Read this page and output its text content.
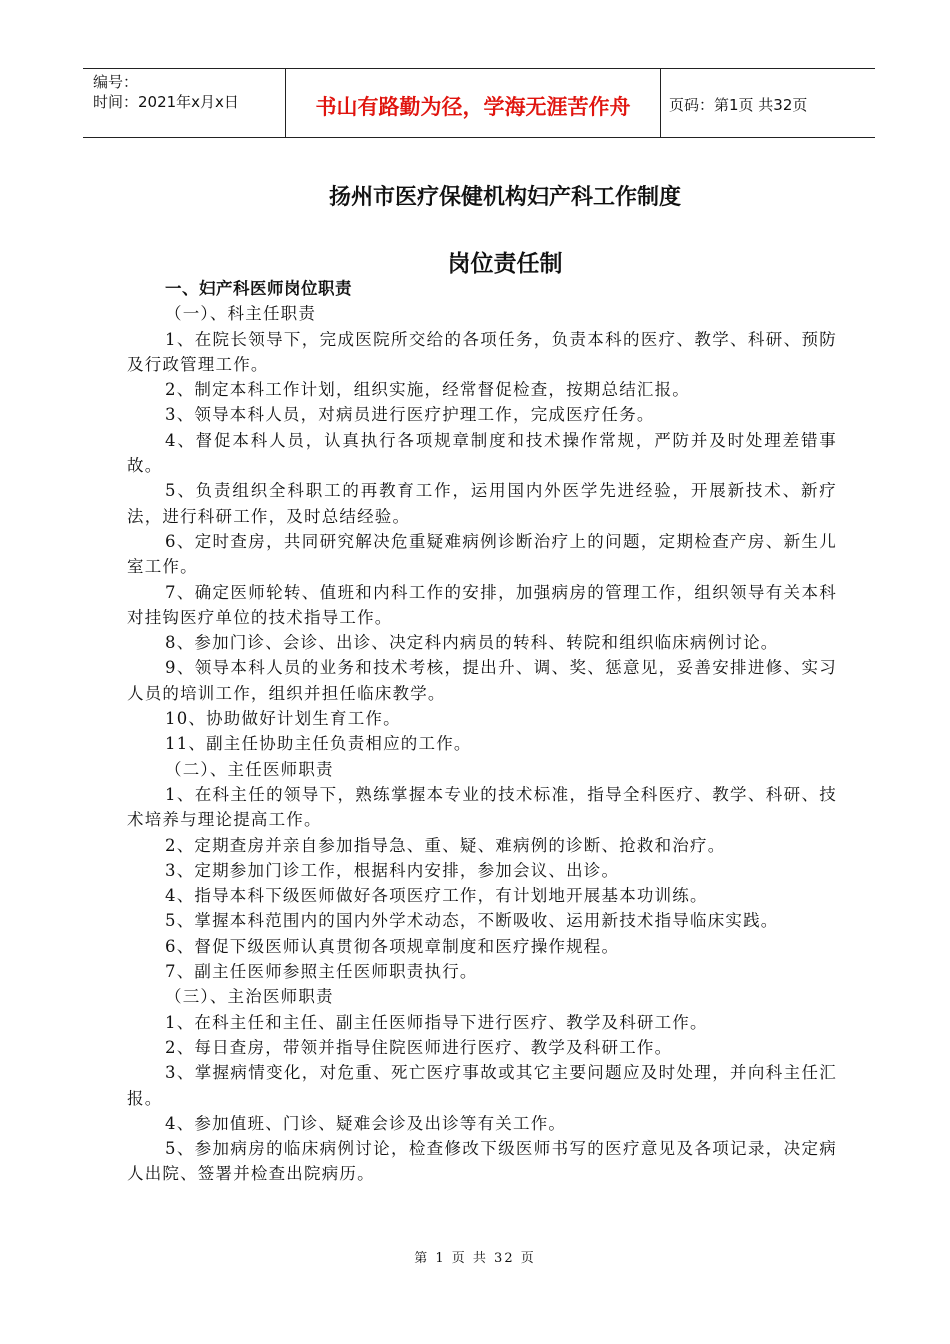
编号：
时间：2021年x月x日	书山有路勤为径，学海无涯苦作舟	页码：第1页 共32页
扬州市医疗保健机构妇产科工作制度
岗位责任制

一、妇产科医师岗位职责

（一）、科主任职责

1、在院长领导下，完成医院所交给的各项任务，负责本科的医疗、教学、科研、预防及行政管理工作。

2、制定本科工作计划，组织实施，经常督促检查，按期总结汇报。

3、领导本科人员，对病员进行医疗护理工作，完成医疗任务。

4、督促本科人员，认真执行各项规章制度和技术操作常规，严防并及时处理差错事故。

5、负责组织全科职工的再教育工作，运用国内外医学先进经验，开展新技术、新疗法，进行科研工作，及时总结经验。

6、定时查房，共同研究解决危重疑难病例诊断治疗上的问题，定期检查产房、新生儿室工作。

7、确定医师轮转、值班和内科工作的安排，加强病房的管理工作，组织领导有关本科对挂钩医疗单位的技术指导工作。

8、参加门诊、会诊、出诊、决定科内病员的转科、转院和组织临床病例讨论。

9、领导本科人员的业务和技术考核，提出升、调、奖、惩意见，妥善安排进修、实习人员的培训工作，组织并担任临床教学。

10、协助做好计划生育工作。

11、副主任协助主任负责相应的工作。

（二）、主任医师职责

1、在科主任的领导下，熟练掌握本专业的技术标准，指导全科医疗、教学、科研、技术培养与理论提高工作。

2、定期查房并亲自参加指导急、重、疑、难病例的诊断、抢救和治疗。

3、定期参加门诊工作，根据科内安排，参加会议、出诊。

4、指导本科下级医师做好各项医疗工作，有计划地开展基本功训练。

5、掌握本科范围内的国内外学术动态，不断吸收、运用新技术指导临床实践。

6、督促下级医师认真贯彻各项规章制度和医疗操作规程。

7、副主任医师参照主任医师职责执行。

（三）、主治医师职责

1、在科主任和主任、副主任医师指导下进行医疗、教学及科研工作。

2、每日查房，带领并指导住院医师进行医疗、教学及科研工作。

3、掌握病情变化，对危重、死亡医疗事故或其它主要问题应及时处理，并向科主任汇报。

4、参加值班、门诊、疑难会诊及出诊等有关工作。

5、参加病房的临床病例讨论，检查修改下级医师书写的医疗意见及各项记录，决定病人出院、签署并检查出院病历。

第 1 页 共 32 页
